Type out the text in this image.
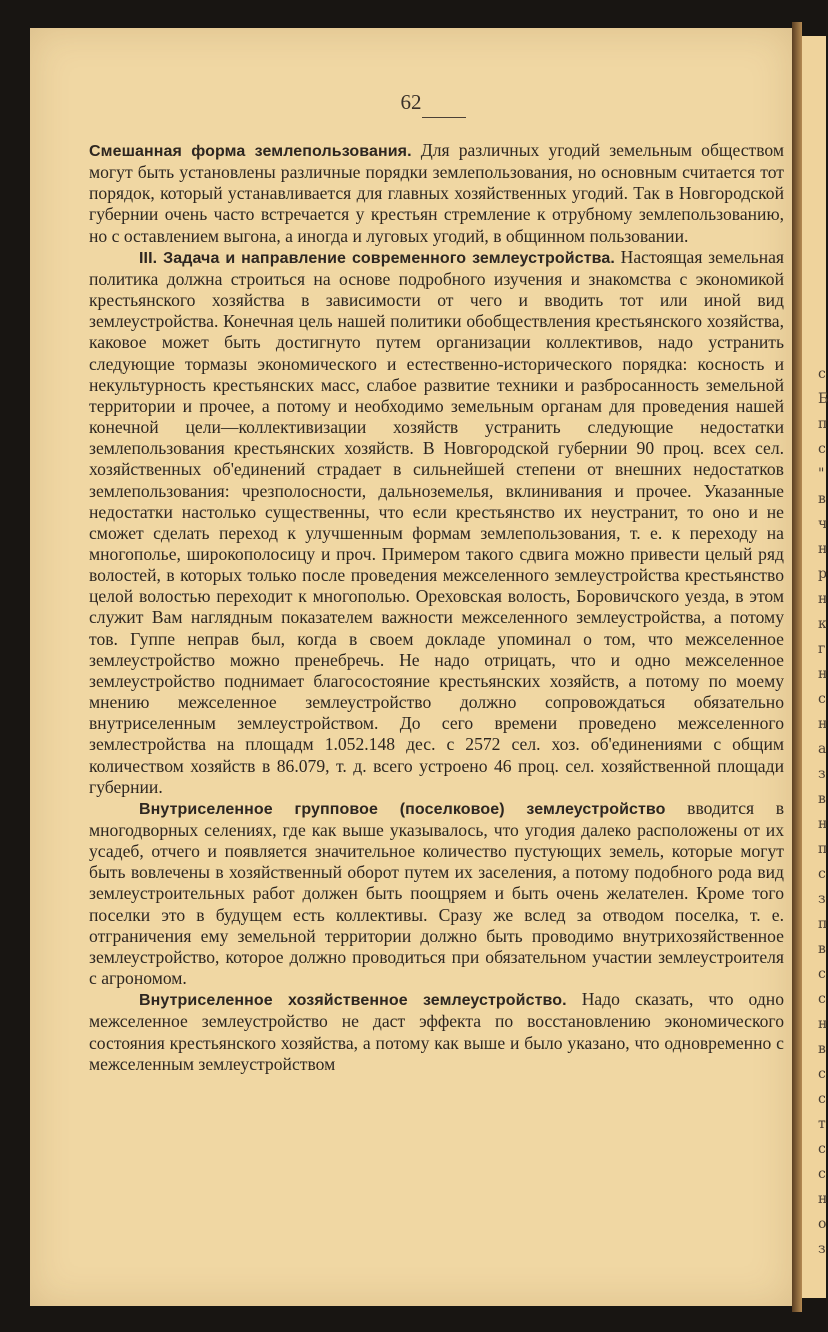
62

Смешанная форма землепользования. Для различных угодий земельным обществом могут быть установлены различные порядки землепользования, но основным считается тот порядок, который устанавливается для главных хозяйственных угодий. Так в Новгородской губернии очень часто встречается у крестьян стремление к отрубному землепользованию, но с оставлением выгона, а иногда и луговых угодий, в общинном пользовании.

III. Задача и направление современного землеустройства. Настоящая земельная политика должна строиться на основе подробного изучения и знакомства с экономикой крестьянского хозяйства в зависимости от чего и вводить тот или иной вид землеустройства. Конечная цель нашей политики обобществления крестьянского хозяйства, каковое может быть достигнуто путем организации коллективов, надо устранить следующие тормазы экономического и естественно-исторического порядка: косность и некультурность крестьянских масс, слабое развитие техники и разбросанность земельной территории и прочее, а потому и необходимо земельным органам для проведения нашей конечной цели—коллективизации хозяйств устранить следующие недостатки землепользования крестьянских хозяйств. В Новгородской губернии 90 проц. всех сел. хозяйственных об'единений страдает в сильнейшей степени от внешних недостатков землепользования: чрезполосности, дальноземелья, вклинивания и прочее. Указанные недостатки настолько существенны, что если крестьянство их неустранит, то оно и не сможет сделать переход к улучшенным формам землепользования, т. е. к переходу на многополье, широкополосицу и проч. Примером такого сдвига можно привести целый ряд волостей, в которых только после проведения межселенного землеустройства крестьянство целой волостью переходит к многополью. Ореховская волость, Боровичского уезда, в этом служит Вам наглядным показателем важности межселенного землеустройства, а потому тов. Гуппе неправ был, когда в своем докладе упоминал о том, что межселенное землеустройство можно пренебречь. Не надо отрицать, что и одно межселенное землеустройство поднимает благосостояние крестьянских хозяйств, а потому по моему мнению межселенное землеустройство должно сопровождаться обязательно внутриселенным землеустройством. До сего времени проведено межселенного землестройства на площадм 1.052.148 дес. с 2572 сел. хоз. об'единениями с общим количеством хозяйств в 86.079, т. д. всего устроено 46 проц. сел. хозяйственной площади губернии.

Внутриселенное групповое (поселковое) землеустройство вводится в многодворных селениях, где как выше указывалось, что угодия далеко расположены от их усадеб, отчего и появляется значительное количество пустующих земель, которые могут быть вовлечены в хозяйственный оборот путем их заселения, а потому подобного рода вид землеустроительных работ должен быть поощряем и быть очень желателен. Кроме того поселки это в будущем есть коллективы. Сразу же вслед за отводом поселка, т. е. отграничения ему земельной территории должно быть проводимо внутрихозяйственное землеустройство, которое должно проводиться при обязательном участии землеустроителя с агрономом.

Внутриселенное хозяйственное землеустройство. Надо сказать, что одно межселенное землеустройство не даст эффекта по восстановлению экономического состояния крестьянского хозяйства, а потому как выше и было указано, что одновременно с межселенным землеустройством

с
Б
п
с
"
в
ч
н
р
н
к
г
н
с
н
а
з
в
н
п
с
з
п
в
с
с
н
в
с
с
т
с
с
н
о
з
